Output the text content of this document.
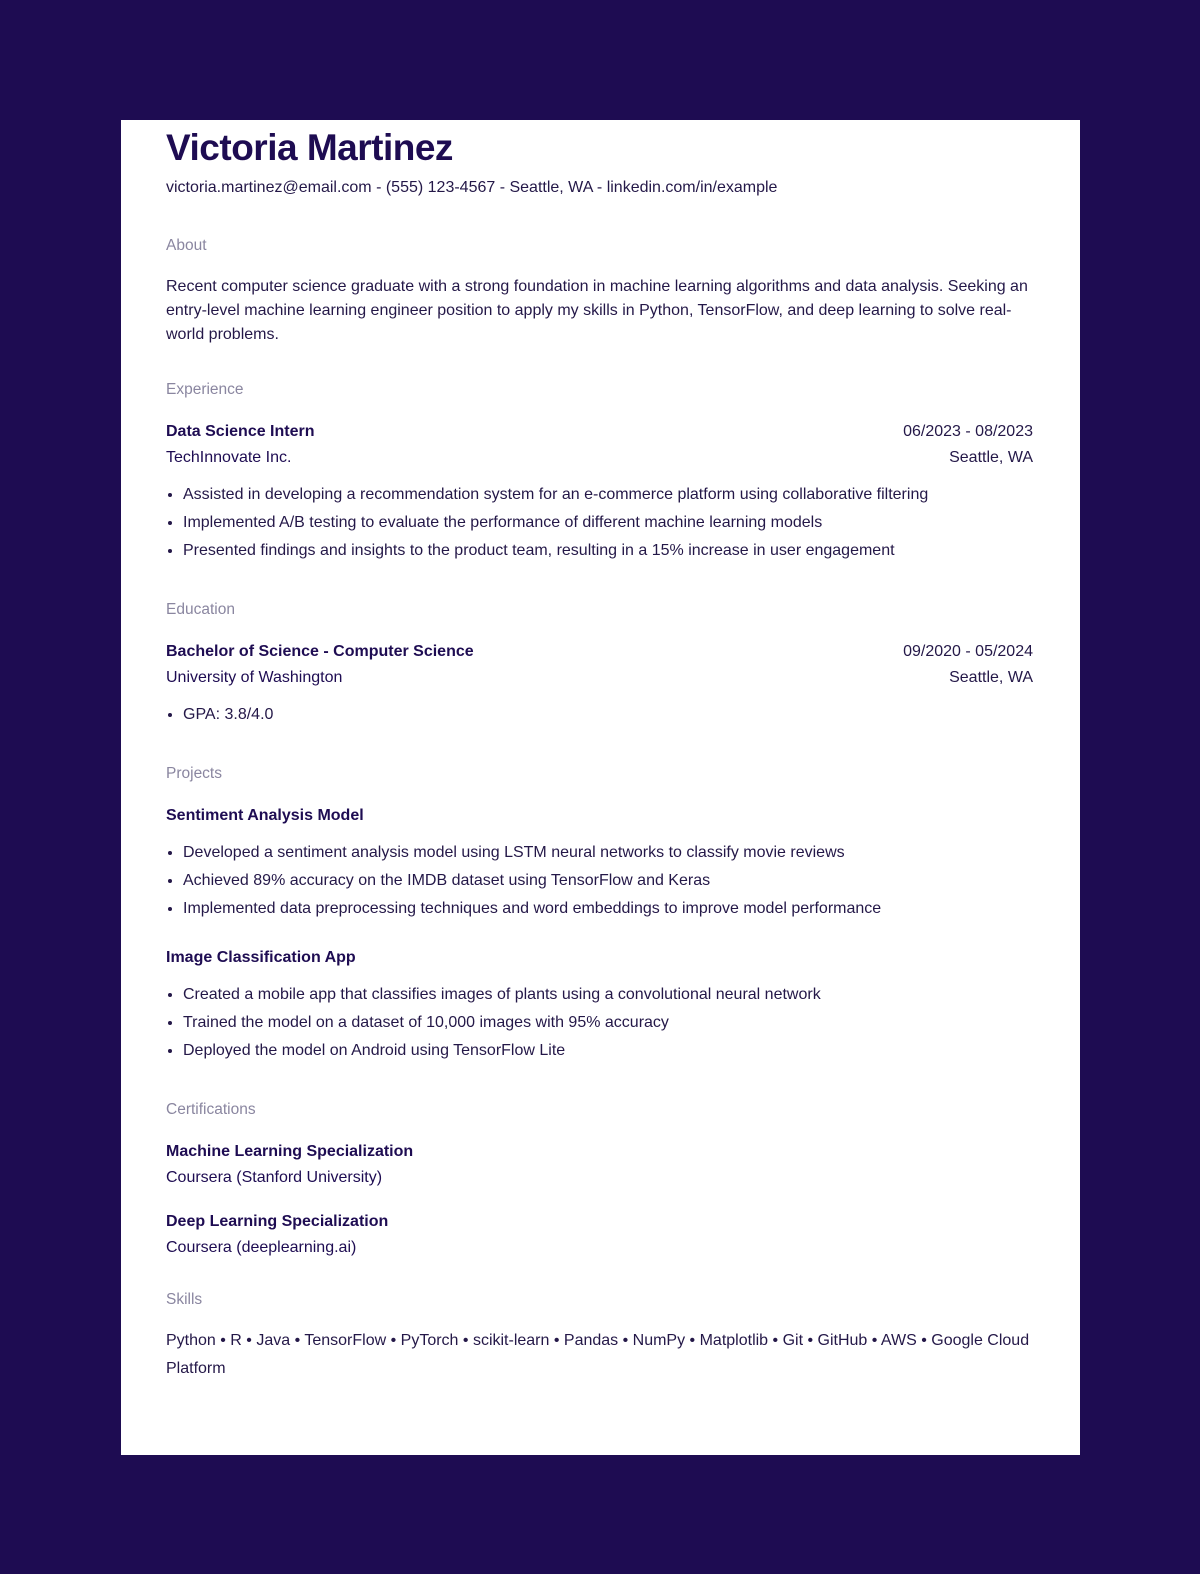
Victoria Martinez
victoria.martinez@email.com - (555) 123-4567 - Seattle, WA - linkedin.com/in/example
About
Recent computer science graduate with a strong foundation in machine learning algorithms and data analysis. Seeking an entry-level machine learning engineer position to apply my skills in Python, TensorFlow, and deep learning to solve real-world problems.
Experience
Data Science Intern	06/2023 - 08/2023
TechInnovate Inc.	Seattle, WA
• Assisted in developing a recommendation system for an e-commerce platform using collaborative filtering
• Implemented A/B testing to evaluate the performance of different machine learning models
• Presented findings and insights to the product team, resulting in a 15% increase in user engagement
Education
Bachelor of Science - Computer Science	09/2020 - 05/2024
University of Washington	Seattle, WA
• GPA: 3.8/4.0
Projects
Sentiment Analysis Model
• Developed a sentiment analysis model using LSTM neural networks to classify movie reviews
• Achieved 89% accuracy on the IMDB dataset using TensorFlow and Keras
• Implemented data preprocessing techniques and word embeddings to improve model performance
Image Classification App
• Created a mobile app that classifies images of plants using a convolutional neural network
• Trained the model on a dataset of 10,000 images with 95% accuracy
• Deployed the model on Android using TensorFlow Lite
Certifications
Machine Learning Specialization
Coursera (Stanford University)
Deep Learning Specialization
Coursera (deeplearning.ai)
Skills
Python • R • Java • TensorFlow • PyTorch • scikit-learn • Pandas • NumPy • Matplotlib • Git • GitHub • AWS • Google Cloud Platform
